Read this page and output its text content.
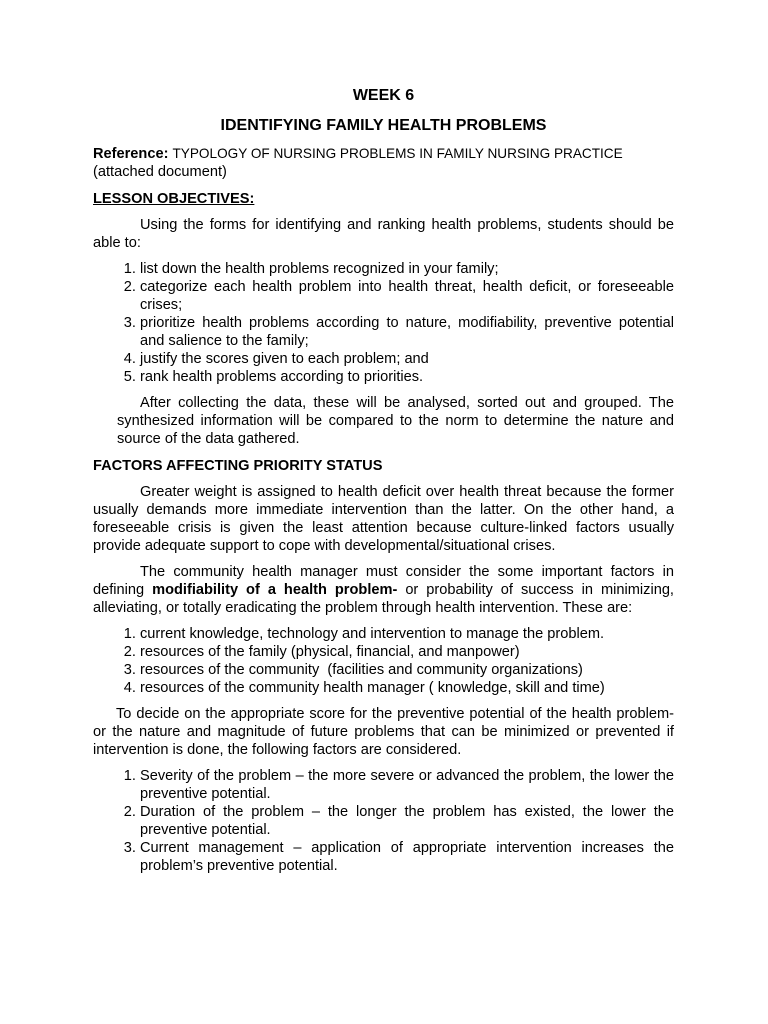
WEEK 6

IDENTIFYING FAMILY HEALTH PROBLEMS

Reference: TYPOLOGY OF NURSING PROBLEMS IN FAMILY NURSING PRACTICE
(attached document)

LESSON OBJECTIVES:

Using the forms for identifying and ranking health problems, students should be able to:

1. list down the health problems recognized in your family;
2. categorize each health problem into health threat, health deficit, or foreseeable crises;
3. prioritize health problems according to nature, modifiability, preventive potential and salience to the family;
4. justify the scores given to each problem; and
5. rank health problems according to priorities.

After collecting the data, these will be analysed, sorted out and grouped. The synthesized information will be compared to the norm to determine the nature and source of the data gathered.

FACTORS AFFECTING PRIORITY STATUS

Greater weight is assigned to health deficit over health threat because the former usually demands more immediate intervention than the latter. On the other hand, a foreseeable crisis is given the least attention because culture-linked factors usually provide adequate support to cope with developmental/situational crises.

The community health manager must consider the some important factors in defining modifiability of a health problem- or probability of success in minimizing, alleviating, or totally eradicating the problem through health intervention. These are:

1. current knowledge, technology and intervention to manage the problem.
2. resources of the family (physical, financial, and manpower)
3. resources of the community  (facilities and community organizations)
4. resources of the community health manager ( knowledge, skill and time)

To decide on the appropriate score for the preventive potential of the health problem- or the nature and magnitude of future problems that can be minimized or prevented if intervention is done, the following factors are considered.

1. Severity of the problem – the more severe or advanced the problem, the lower the preventive potential.
2. Duration of the problem – the longer the problem has existed, the lower the preventive potential.
3. Current management – application of appropriate intervention increases the problem’s preventive potential.
